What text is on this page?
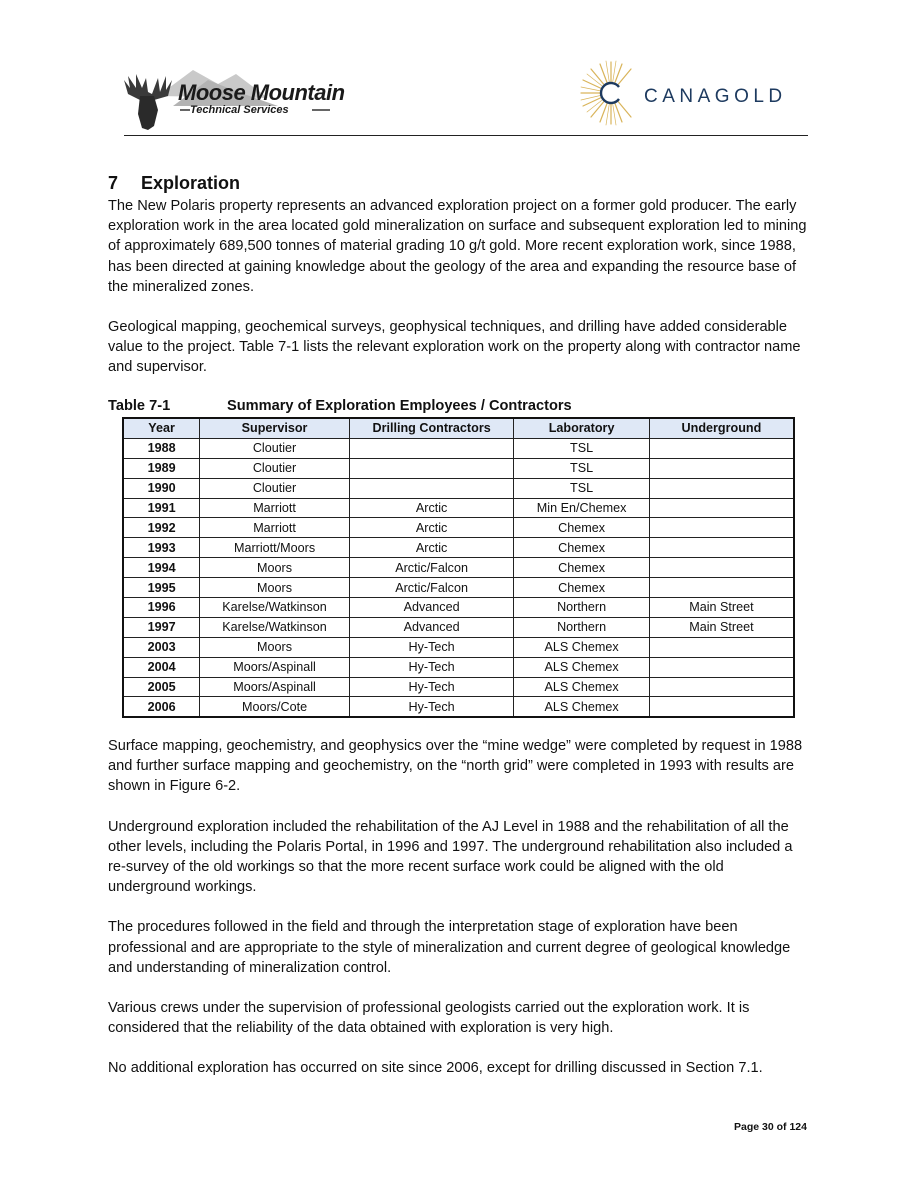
Moose Mountain
Technical Services
CANAGOLD
7 Exploration

The New Polaris property represents an advanced exploration project on a former gold producer. The early exploration work in the area located gold mineralization on surface and subsequent exploration led to mining of approximately 689,500 tonnes of material grading 10 g/t gold. More recent exploration work, since 1988, has been directed at gaining knowledge about the geology of the area and expanding the resource base of the mineralized zones.

Geological mapping, geochemical surveys, geophysical techniques, and drilling have added considerable value to the project. Table 7-1 lists the relevant exploration work on the property along with contractor name and supervisor.

Table 7-1	Summary of Exploration Employees / Contractors
Year	Supervisor	Drilling Contractors	Laboratory	Underground
1988	Cloutier		TSL	
1989	Cloutier		TSL	
1990	Cloutier		TSL	
1991	Marriott	Arctic	Min En/Chemex	
1992	Marriott	Arctic	Chemex	
1993	Marriott/Moors	Arctic	Chemex	
1994	Moors	Arctic/Falcon	Chemex	
1995	Moors	Arctic/Falcon	Chemex	
1996	Karelse/Watkinson	Advanced	Northern	Main Street
1997	Karelse/Watkinson	Advanced	Northern	Main Street
2003	Moors	Hy-Tech	ALS Chemex	
2004	Moors/Aspinall	Hy-Tech	ALS Chemex	
2005	Moors/Aspinall	Hy-Tech	ALS Chemex	
2006	Moors/Cote	Hy-Tech	ALS Chemex	

Surface mapping, geochemistry, and geophysics over the “mine wedge” were completed by request in 1988 and further surface mapping and geochemistry, on the “north grid” were completed in 1993 with results are shown in Figure 6-2.

Underground exploration included the rehabilitation of the AJ Level in 1988 and the rehabilitation of all the other levels, including the Polaris Portal, in 1996 and 1997. The underground rehabilitation also included a re-survey of the old workings so that the more recent surface work could be aligned with the old underground workings.

The procedures followed in the field and through the interpretation stage of exploration have been professional and are appropriate to the style of mineralization and current degree of geological knowledge and understanding of mineralization control.

Various crews under the supervision of professional geologists carried out the exploration work. It is considered that the reliability of the data obtained with exploration is very high.

No additional exploration has occurred on site since 2006, except for drilling discussed in Section 7.1.

Page 30 of 124
